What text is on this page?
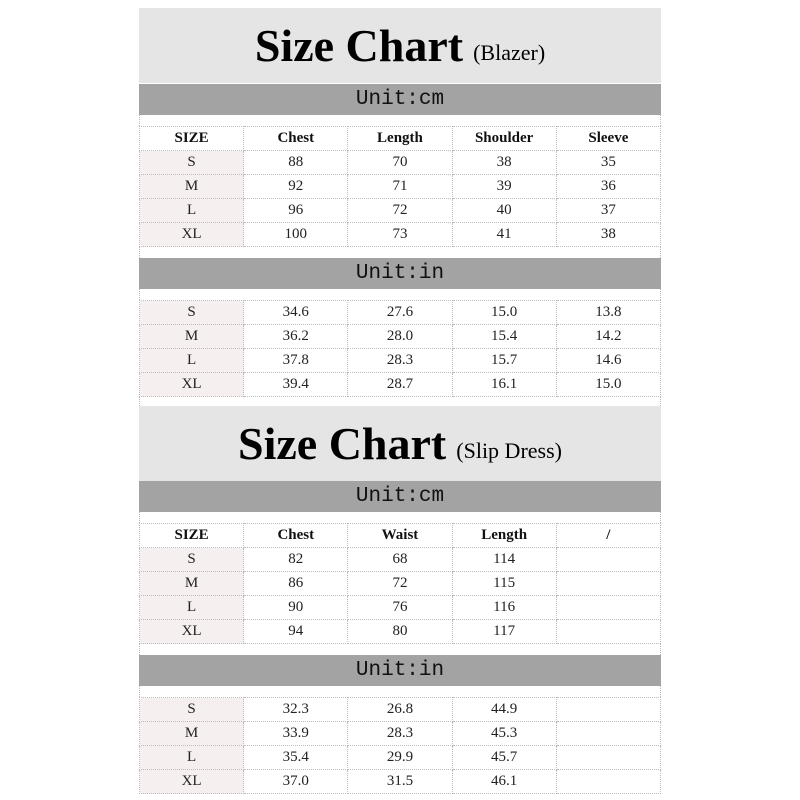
Size Chart (Blazer)
Unit:cm
SIZE	Chest	Length	Shoulder	Sleeve
S	88	70	38	35
M	92	71	39	36
L	96	72	40	37
XL	100	73	41	38
Unit:in
S	34.6	27.6	15.0	13.8
M	36.2	28.0	15.4	14.2
L	37.8	28.3	15.7	14.6
XL	39.4	28.7	16.1	15.0
Size Chart (Slip Dress)
Unit:cm
SIZE	Chest	Waist	Length	/
S	82	68	114	
M	86	72	115	
L	90	76	116	
XL	94	80	117	
Unit:in
S	32.3	26.8	44.9	
M	33.9	28.3	45.3	
L	35.4	29.9	45.7	
XL	37.0	31.5	46.1	
